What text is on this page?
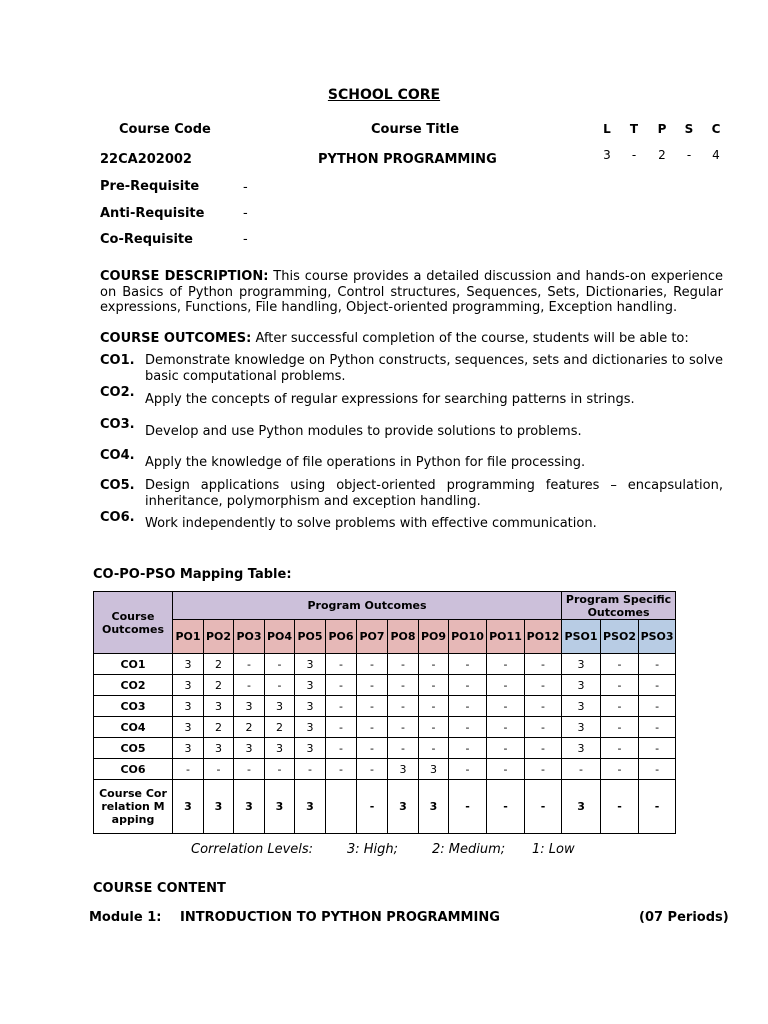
SCHOOL CORE
Course Code	Course Title	L	T	P	S	C
22CA202002	PYTHON PROGRAMMING	3	-	2	-	4
Pre-Requisite	-
Anti-Requisite	-
Co-Requisite	-
COURSE DESCRIPTION: This course provides a detailed discussion and hands-on experience on Basics of Python programming, Control structures, Sequences, Sets, Dictionaries, Regular expressions, Functions, File handling, Object-oriented programming, Exception handling.
COURSE OUTCOMES: After successful completion of the course, students will be able to:
CO1. Demonstrate knowledge on Python constructs, sequences, sets and dictionaries to solve basic computational problems.
CO2. Apply the concepts of regular expressions for searching patterns in strings.
CO3. Develop and use Python modules to provide solutions to problems.
CO4. Apply the knowledge of file operations in Python for file processing.
CO5. Design applications using object-oriented programming features – encapsulation, inheritance, polymorphism and exception handling.
CO6. Work independently to solve problems with effective communication.
CO-PO-PSO Mapping Table:
Course Outcomes	Program Outcomes												Program Specific Outcomes		
	PO1	PO2	PO3	PO4	PO5	PO6	PO7	PO8	PO9	PO10	PO11	PO12	PSO1	PSO2	PSO3
CO1	3	2	-	-	3	-	-	-	-	-	-	-	3	-	-
CO2	3	2	-	-	3	-	-	-	-	-	-	-	3	-	-
CO3	3	3	3	3	3	-	-	-	-	-	-	-	3	-	-
CO4	3	2	2	2	3	-	-	-	-	-	-	-	3	-	-
CO5	3	3	3	3	3	-	-	-	-	-	-	-	3	-	-
CO6	-	-	-	-	-	-	-	3	3	-	-	-	-	-	-
Course Correlation Mapping	3	3	3	3	3		-	3	3	-	-	-	3	-	-
Correlation Levels:	3: High;	2: Medium; 1: Low
COURSE CONTENT
Module 1: INTRODUCTION TO PYTHON PROGRAMMING	(07 Periods)
